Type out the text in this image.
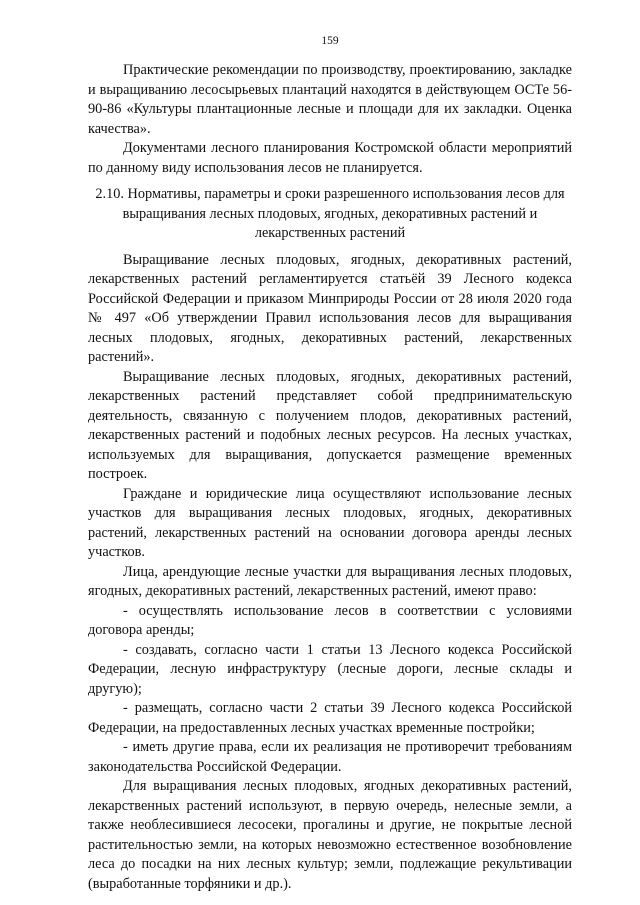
159

Практические рекомендации по производству, проектированию, закладке и выращиванию лесосырьевых плантаций находятся в действующем ОСТе 56-90-86 «Культуры плантационные лесные и площади для их закладки. Оценка качества».

Документами лесного планирования Костромской области мероприятий по данному виду использования лесов не планируется.

2.10. Нормативы, параметры и сроки разрешенного использования лесов для выращивания лесных плодовых, ягодных, декоративных растений и лекарственных растений

Выращивание лесных плодовых, ягодных, декоративных растений, лекарственных растений регламентируется статьёй 39 Лесного кодекса Российской Федерации и приказом Минприроды России от 28 июля 2020 года № 497 «Об утверждении Правил использования лесов для выращивания лесных плодовых, ягодных, декоративных растений, лекарственных растений».

Выращивание лесных плодовых, ягодных, декоративных растений, лекарственных растений представляет собой предпринимательскую деятельность, связанную с получением плодов, декоративных растений, лекарственных растений и подобных лесных ресурсов. На лесных участках, используемых для выращивания, допускается размещение временных построек.

Граждане и юридические лица осуществляют использование лесных участков для выращивания лесных плодовых, ягодных, декоративных растений, лекарственных растений на основании договора аренды лесных участков.

Лица, арендующие лесные участки для выращивания лесных плодовых, ягодных, декоративных растений, лекарственных растений, имеют право:

- осуществлять использование лесов в соответствии с условиями договора аренды;

- создавать, согласно части 1 статьи 13 Лесного кодекса Российской Федерации, лесную инфраструктуру (лесные дороги, лесные склады и другую);

- размещать, согласно части 2 статьи 39 Лесного кодекса Российской Федерации, на предоставленных лесных участках временные постройки;

- иметь другие права, если их реализация не противоречит требованиям законодательства Российской Федерации.

Для выращивания лесных плодовых, ягодных декоративных растений, лекарственных растений используют, в первую очередь, нелесные земли, а также необлесившиеся лесосеки, прогалины и другие, не покрытые лесной растительностью земли, на которых невозможно естественное возобновление леса до посадки на них лесных культур; земли, подлежащие рекультивации (выработанные торфяники и др.).
